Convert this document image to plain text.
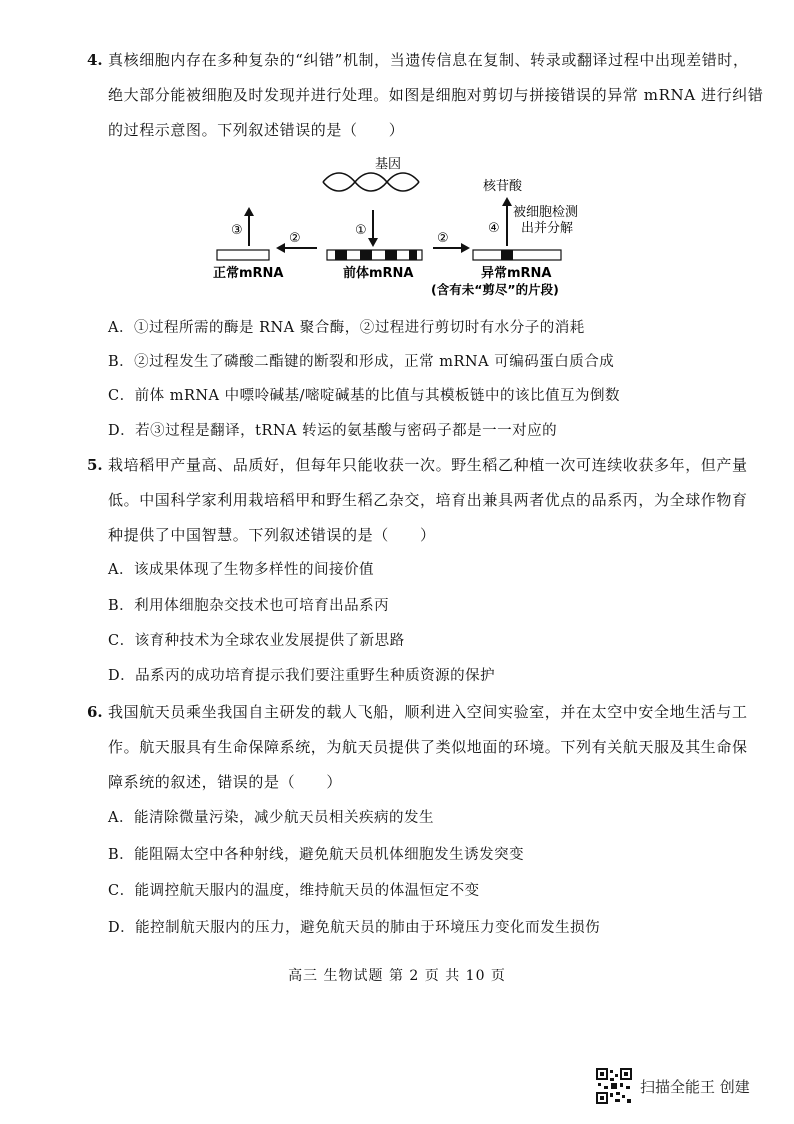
4. 真核细胞内存在多种复杂的“纠错”机制，当遗传信息在复制、转录或翻译过程中出现差错时，
绝大部分能被细胞及时发现并进行处理。如图是细胞对剪切与拼接错误的异常 mRNA 进行纠错
的过程示意图。下列叙述错误的是（　　）
基因
①
前体mRNA
②
正常mRNA
③
②
异常mRNA
(含有未“剪尽”的片段)
④
核苷酸
被细胞检测
出并分解
A．①过程所需的酶是 RNA 聚合酶，②过程进行剪切时有水分子的消耗
B．②过程发生了磷酸二酯键的断裂和形成，正常 mRNA 可编码蛋白质合成
C．前体 mRNA 中嘌呤碱基/嘧啶碱基的比值与其模板链中的该比值互为倒数
D．若③过程是翻译，tRNA 转运的氨基酸与密码子都是一一对应的
5. 栽培稻甲产量高、品质好，但每年只能收获一次。野生稻乙种植一次可连续收获多年，但产量
低。中国科学家利用栽培稻甲和野生稻乙杂交，培育出兼具两者优点的品系丙，为全球作物育
种提供了中国智慧。下列叙述错误的是（　　）
A．该成果体现了生物多样性的间接价值
B．利用体细胞杂交技术也可培育出品系丙
C．该育种技术为全球农业发展提供了新思路
D．品系丙的成功培育提示我们要注重野生种质资源的保护
6. 我国航天员乘坐我国自主研发的载人飞船，顺利进入空间实验室，并在太空中安全地生活与工
作。航天服具有生命保障系统，为航天员提供了类似地面的环境。下列有关航天服及其生命保
障系统的叙述，错误的是（　　）
A．能清除微量污染，减少航天员相关疾病的发生
B．能阻隔太空中各种射线，避免航天员机体细胞发生诱发突变
C．能调控航天服内的温度，维持航天员的体温恒定不变
D．能控制航天服内的压力，避免航天员的肺由于环境压力变化而发生损伤
高三 生物试题 第 2 页 共 10 页
扫描全能王 创建
